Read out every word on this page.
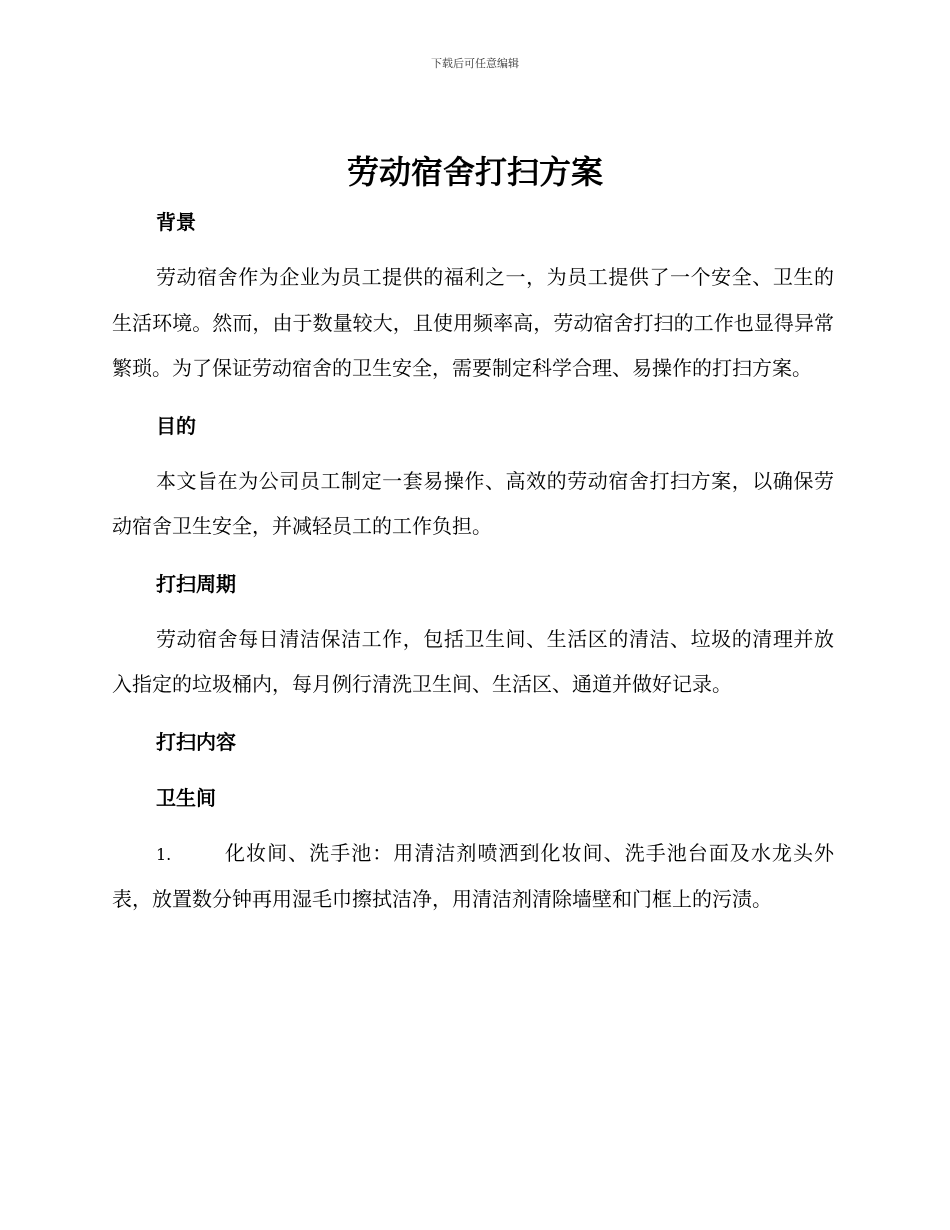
下载后可任意编辑
劳动宿舍打扫方案

背景

劳动宿舍作为企业为员工提供的福利之一，为员工提供了一个安全、卫生的生活环境。然而，由于数量较大，且使用频率高，劳动宿舍打扫的工作也显得异常繁琐。为了保证劳动宿舍的卫生安全，需要制定科学合理、易操作的打扫方案。

目的

本文旨在为公司员工制定一套易操作、高效的劳动宿舍打扫方案，以确保劳动宿舍卫生安全，并减轻员工的工作负担。

打扫周期

劳动宿舍每日清洁保洁工作，包括卫生间、生活区的清洁、垃圾的清理并放入指定的垃圾桶内，每月例行清洗卫生间、生活区、通道并做好记录。

打扫内容

卫生间

1.	化妆间、洗手池：用清洁剂喷洒到化妆间、洗手池台面及水龙头外表，放置数分钟再用湿毛巾擦拭洁净，用清洁剂清除墙壁和门框上的污渍。
